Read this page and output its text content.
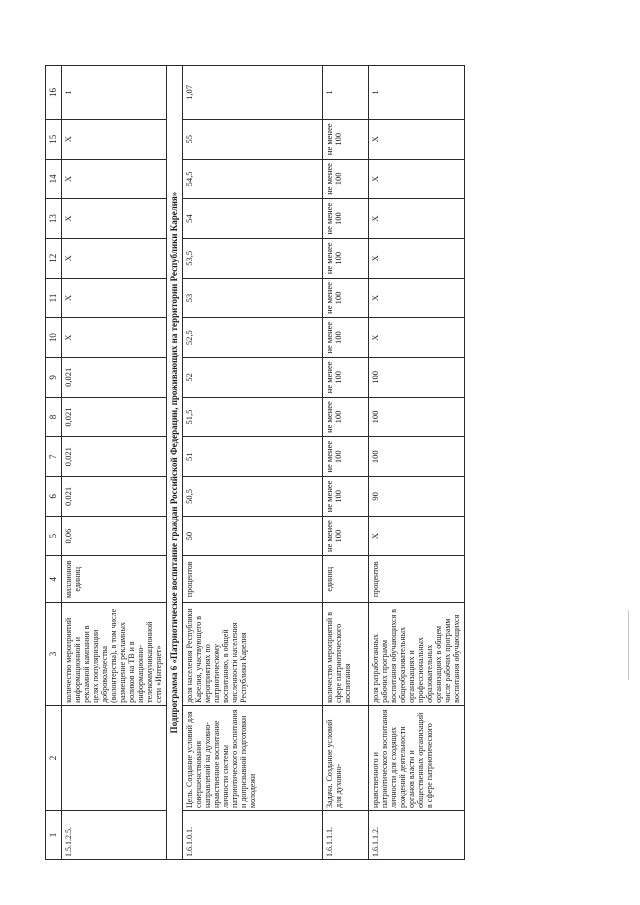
1	2	3	4	5	6	7	8	9	10	11	12	13	14	15	16
1.5.1.2.5.		количество мероприятий информационной и рекламной кампании в целях популяризации добровольчества (волонтерства), в том числе размещение рекламных роликов на ТВ и в информационно-телекоммуникационной сети «Интернет»	миллионов единиц	0,06	0,021	0,021	0,021	0,021	X	X	X	X	X	X	1
Подпрограмма 6 «Патриотическое воспитание граждан Российской Федерации, проживающих на территории Республики Карелия»															
1.6.1.0.1.	Цель. Создание условий для совершенствования направлений на духовно-нравственное воспитание личности системы патриотического воспитания и допризывной подготовки молодежи	доля населения Республики Карелия, участвующего в мероприятиях по патриотическому воспитанию, в общей численности населения Республики Карелия	процентов	50	50,5	51	51,5	52	52,5	53	53,5	54	54,5	55	1,07
1.6.1.1.1.	Задача. Создание условий для духовно-	количество мероприятий в сфере патриотического воспитания	единиц	не менее 100	не менее 100	не менее 100	не менее 100	не менее 100	не менее 100	не менее 100	не менее 100	не менее 100	не менее 100	не менее 100	1
1.6.1.1.2.	нравственного и патриотического воспитания личности для сходящих рождений деятельности органов власти и общественных организаций в сфере патриотического	доля разработанных рабочих программ воспитания обучающихся в общеобразовательных организациях и профессиональных образовательных организациях в общем числе рабочих программ воспитания обучающихся	процентов	X	90	100	100	100	X	X	X	X	X	X	1
